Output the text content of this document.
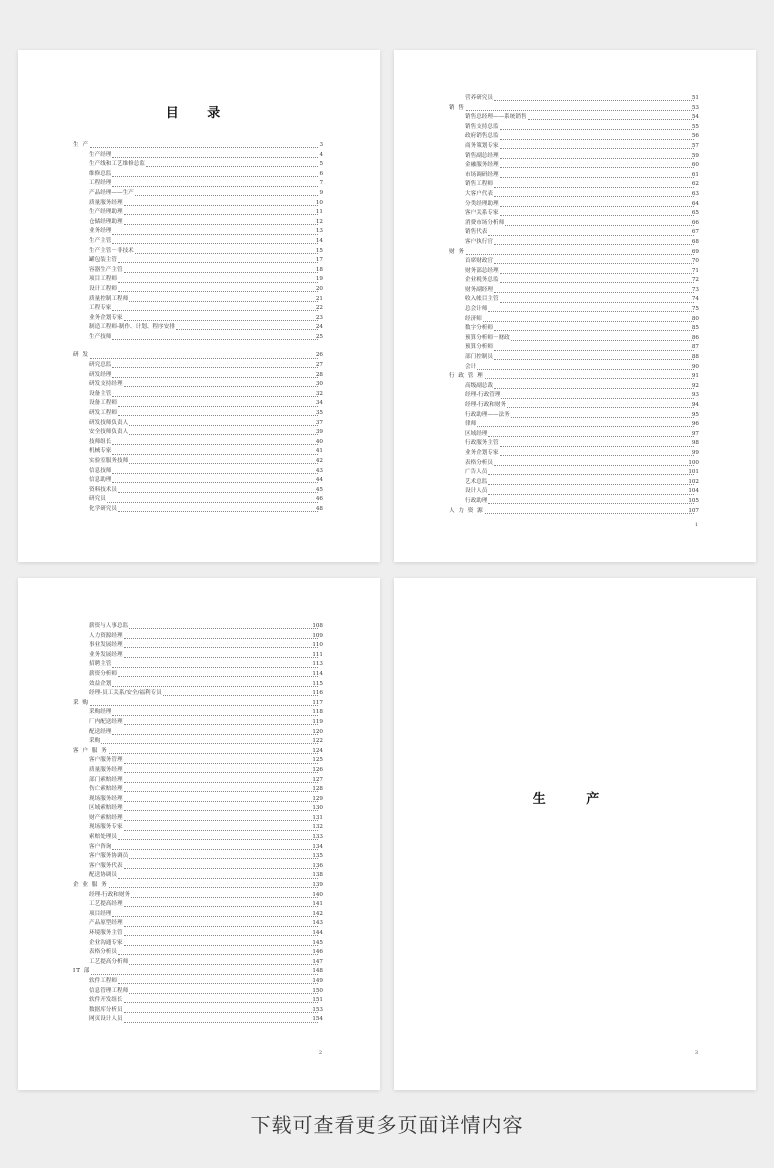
目 录
生 产	3
生产经理	4
生产线和工艺维修总监	5
维修总监	6
工程经理	7
产品经理——生产	9
质量服务经理	10
生产经理助理	11
仓储经理助理	12
业务经理	13
生产主管	14
生产主管－非技术	15
罐包装主管	17
容器生产主管	18
项目工程师	19
设计工程师	20
质量控制工程师	21
工程专家	22
业务企划专家	23
制造工程师-制作、计划、程序安排	24
生产技师	25
研 发	26
研究总监	27
研发经理	28
研发支持经理	30
设备主管	32
设备工程师	34
研发工程师	35
研发技师负责人	37
安全技师负责人	39
技师组长	40
机械专家	41
实验室服务技师	42
信息技师	43
信息助理	44
资料技术员	45
研究员	46
化学研究员	48
营养研究员	51
销 售	53
销售总经理——系统销售	54
销售支持总监	55
政府销售总监	56
商务策划专家	57
销售副总经理	59
金融服务经理	60
市场调研经理	61
销售工程师	62
大客户代表	63
分类经理助理	64
客户关系专家	65
消费市场分析师	66
销售代表	67
客户执行官	68
财 务	69
首席财政官	70
财务部总经理	71
企业税务总监	72
财务副经理	73
收入帐目主管	74
总会计师	75
经济师	80
数字分析师	85
预算分析师－财政	86
预算分析师	87
部门控制员	88
会计	90
行 政 管 理	91
高级副总裁	92
经理-行政管理	93
经理-行政和财务	94
行政助理——法务	95
律师	96
区域经理	97
行政服务主管	98
业务企划专家	99
表格分析员	100
广告人员	101
艺术总监	102
设计人员	104
行政助理	105
人 力 资 源	107
1
薪资与人事总监	108
人力资源经理	109
事业发展经理	110
业务发展经理	111
招聘主管	113
薪资分析师	114
效益企划	115
经理-员工关系/安全/福利专员	116
采 购	117
采购经理	118
厂内配送经理	119
配送经理	120
采购	122
客 户 服 务	124
客户服务管理	125
质量服务经理	126
部门索赔经理	127
伤亡索赔经理	128
现场服务经理	129
区域索赔经理	130
财产索赔经理	131
现场服务专家	132
索赔处理员	133
客户咨询	134
客户服务协调员	135
客户服务代表	136
配送协调员	138
企 业 服 务	139
经理-行政和财务	140
工艺提高经理	141
项目经理	142
产品原型经理	143
环境服务主管	144
企业沟通专家	145
表格分析员	146
工艺提高分析师	147
IT 部	148
软件工程师	149
信息管理工程师	150
软件开发组长	151
数据库分析员	153
网页设计人员	154
2
生 产
3
下载可查看更多页面详情内容
